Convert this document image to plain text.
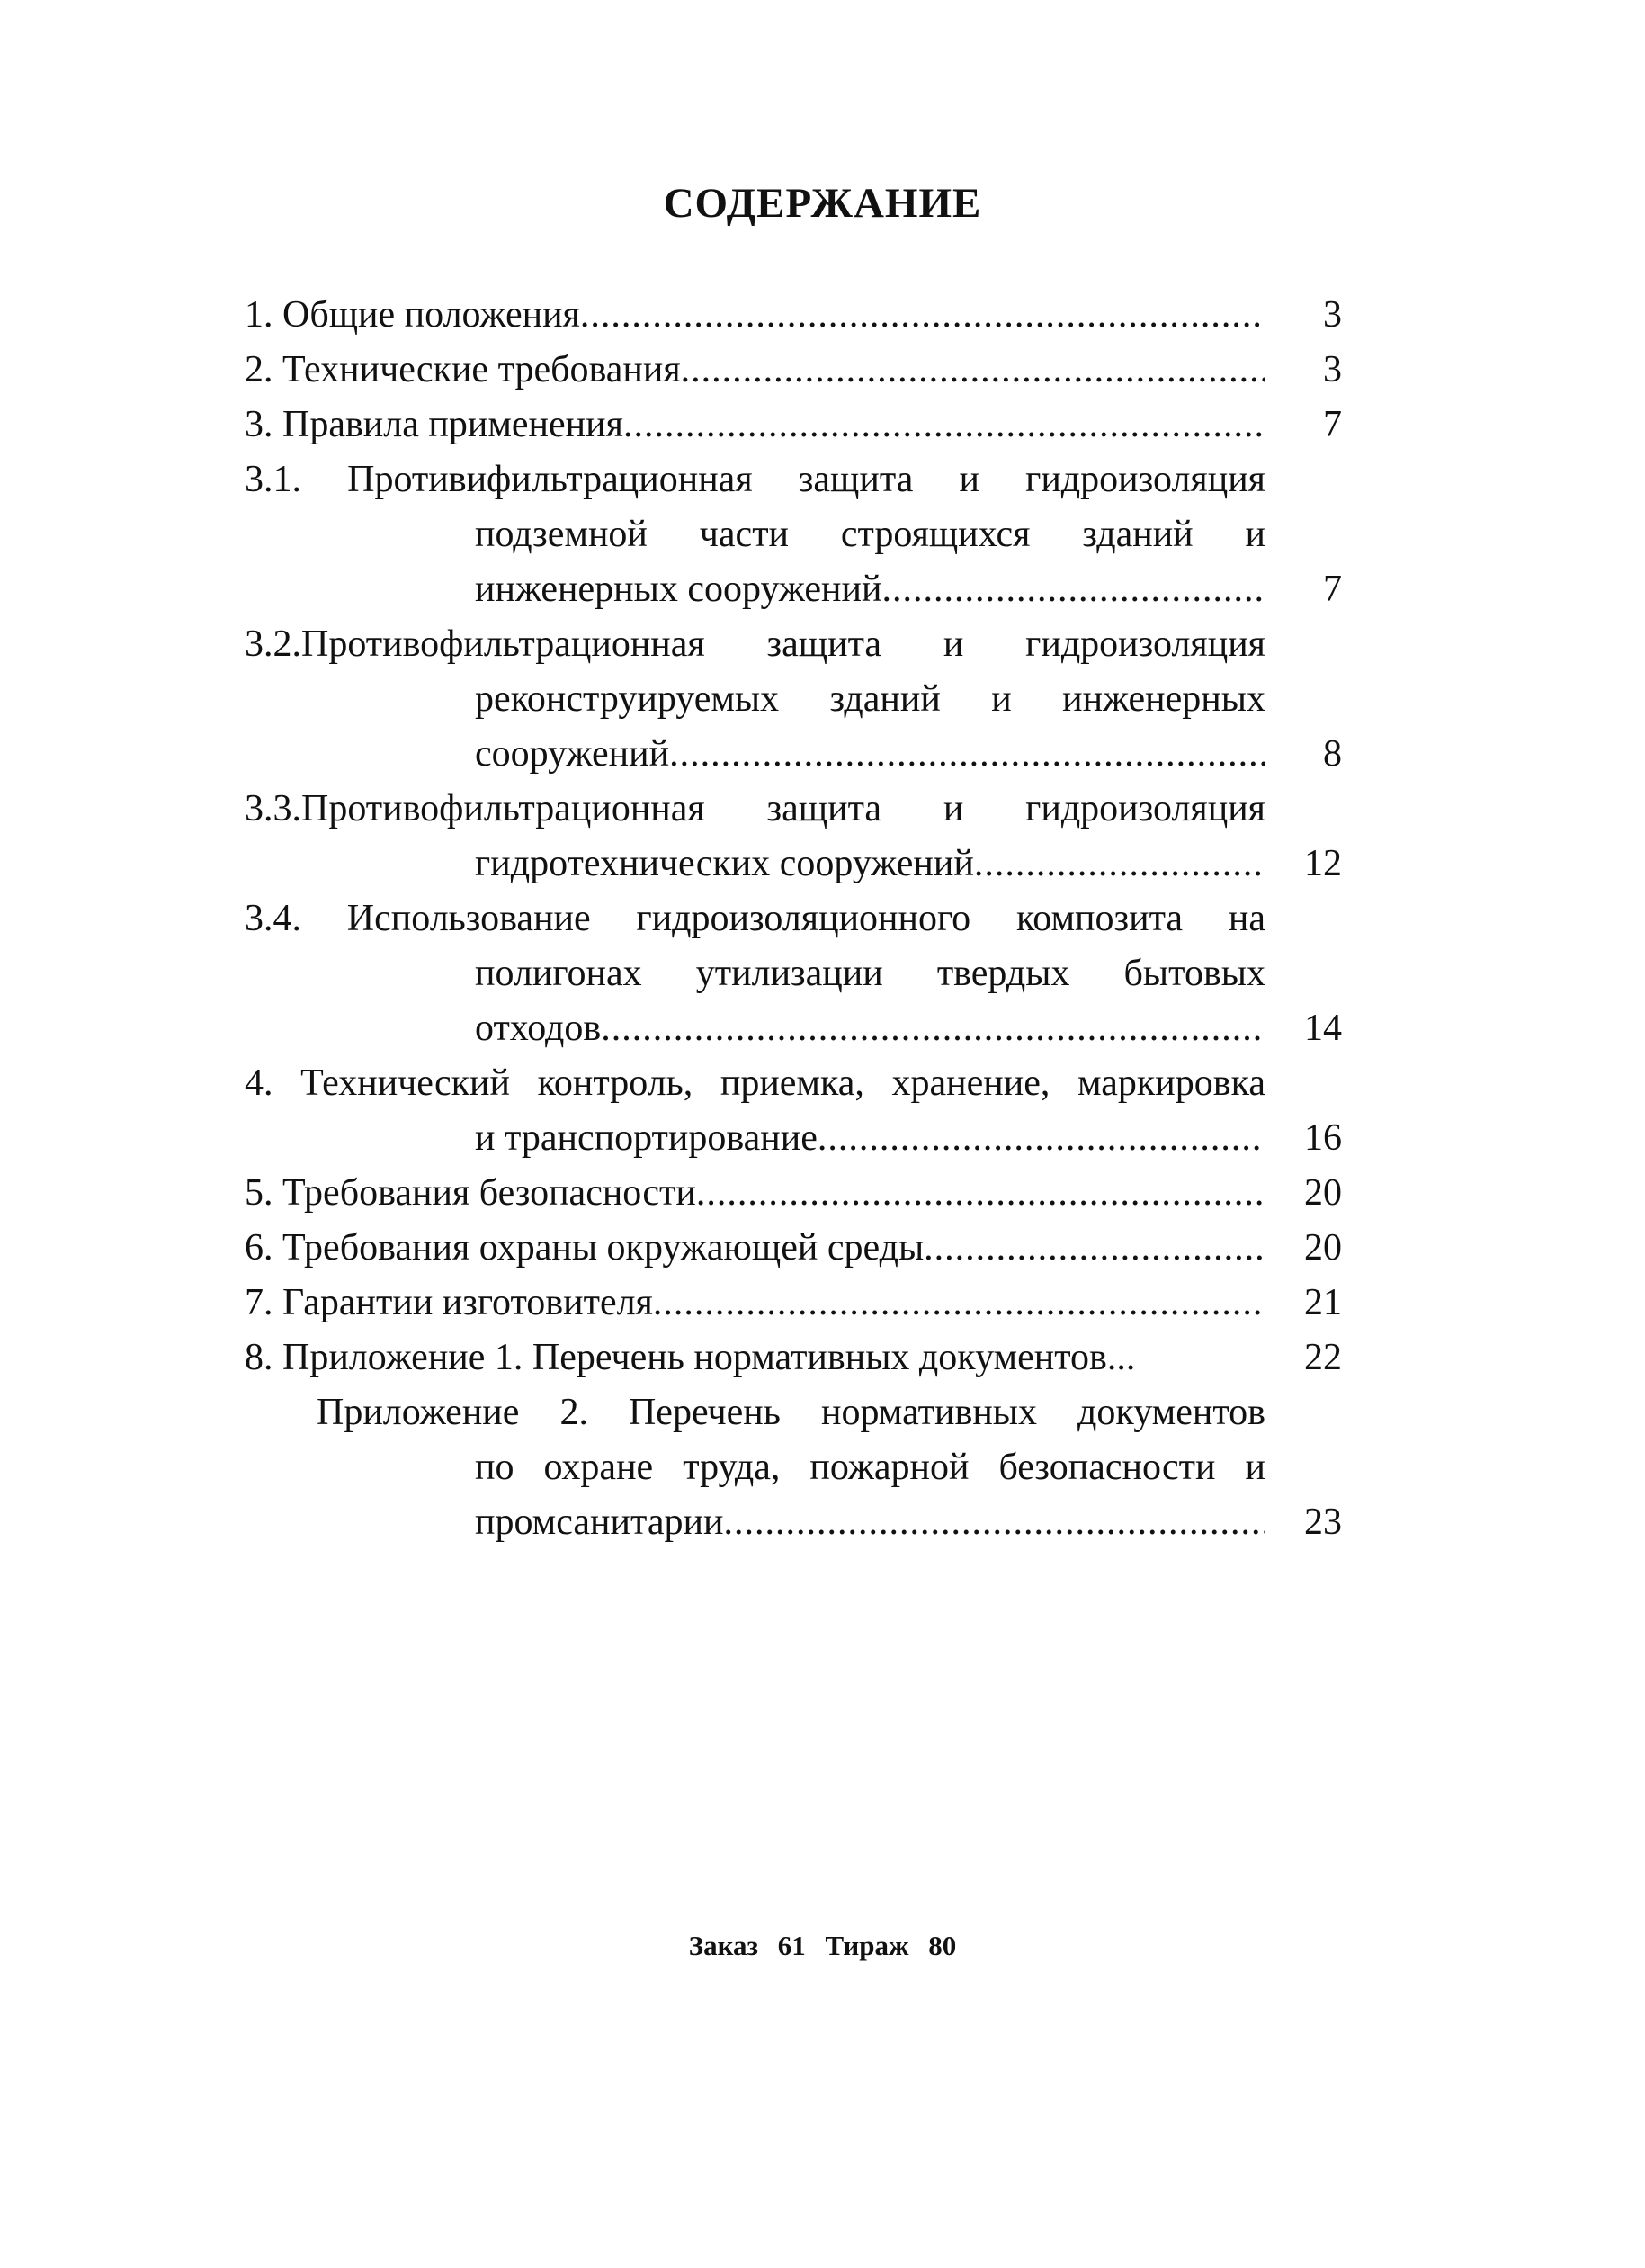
СОДЕРЖАНИЕ
1. Общие положения .....	3
2. Технические требования .....	3
3. Правила применения .....	7
3.1. Противифильтрационная защита и гидроизоляция
подземной части строящихся зданий и
инженерных сооружений .....	7
3.2.Противофильтрационная защита и гидроизоляция
реконструируемых зданий и инженерных
сооружений .....	8
3.3.Противофильтрационная защита и гидроизоляция
гидротехнических сооружений .....	12
3.4. Использование гидроизоляционного композита на
полигонах утилизации твердых бытовых
отходов .....	14
4. Технический контроль, приемка, хранение, маркировка
и транспортирование .....	16
5. Требования безопасности .....	20
6. Требования охраны окружающей среды .....	20
7. Гарантии изготовителя .....	21
8. Приложение 1. Перечень нормативных документов...	22
Приложение 2. Перечень нормативных документов
по охране труда, пожарной безопасности и
промсанитарии .....	23
Заказ 61 Тираж 80
